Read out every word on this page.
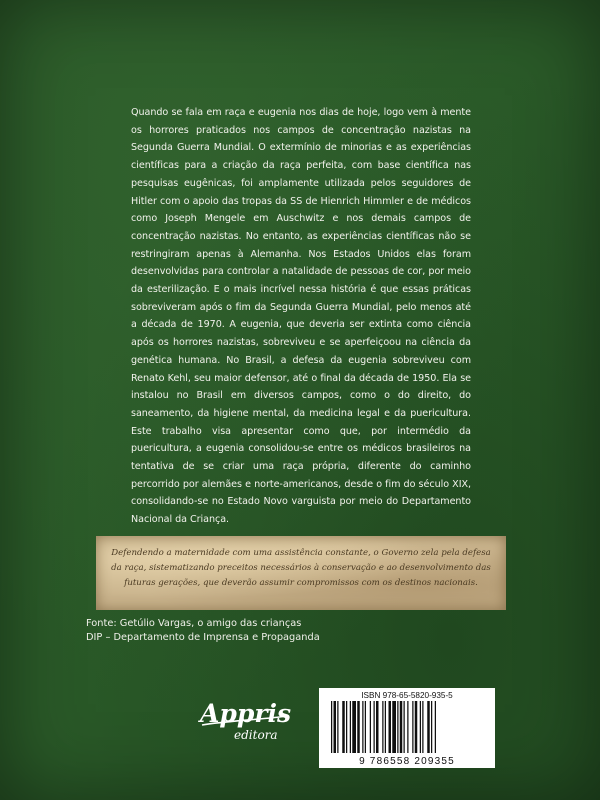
Quando se fala em raça e eugenia nos dias de hoje, logo vem à mente os horrores praticados nos campos de concentração nazistas na Segunda Guerra Mundial. O extermínio de minorias e as experiências científicas para a criação da raça perfeita, com base científica nas pesquisas eugênicas, foi amplamente utilizada pelos seguidores de Hitler com o apoio das tropas da SS de Hienrich Himmler e de médicos como Joseph Mengele em Auschwitz e nos demais campos de concentração nazistas. No entanto, as experiências científicas não se restringiram apenas à Alemanha. Nos Estados Unidos elas foram desenvolvidas para controlar a natalidade de pessoas de cor, por meio da esterilização. E o mais incrível nessa história é que essas práticas sobreviveram após o fim da Segunda Guerra Mundial, pelo menos até a década de 1970. A eugenia, que deveria ser extinta como ciência após os horrores nazistas, sobreviveu e se aperfeiçoou na ciência da genética humana. No Brasil, a defesa da eugenia sobreviveu com Renato Kehl, seu maior defensor, até o final da década de 1950. Ela se instalou no Brasil em diversos campos, como o do direito, do saneamento, da higiene mental, da medicina legal e da puericultura. Este trabalho visa apresentar como que, por intermédio da puericultura, a eugenia consolidou-se entre os médicos brasileiros na tentativa de se criar uma raça própria, diferente do caminho percorrido por alemães e norte-americanos, desde o fim do século XIX, consolidando-se no Estado Novo varguista por meio do Departamento Nacional da Criança.

Defendendo a maternidade com uma assistência constante, o Governo zela pela defesa da raça, sistematizando preceitos necessários à conservação e ao desenvolvimento das futuras gerações, que deverão assumir compromissos com os destinos nacionais.

Fonte: Getúlio Vargas, o amigo das crianças
DIP – Departamento de Imprensa e Propaganda
Appris
editora
ISBN 978-65-5820-935-5
9 786558 209355
